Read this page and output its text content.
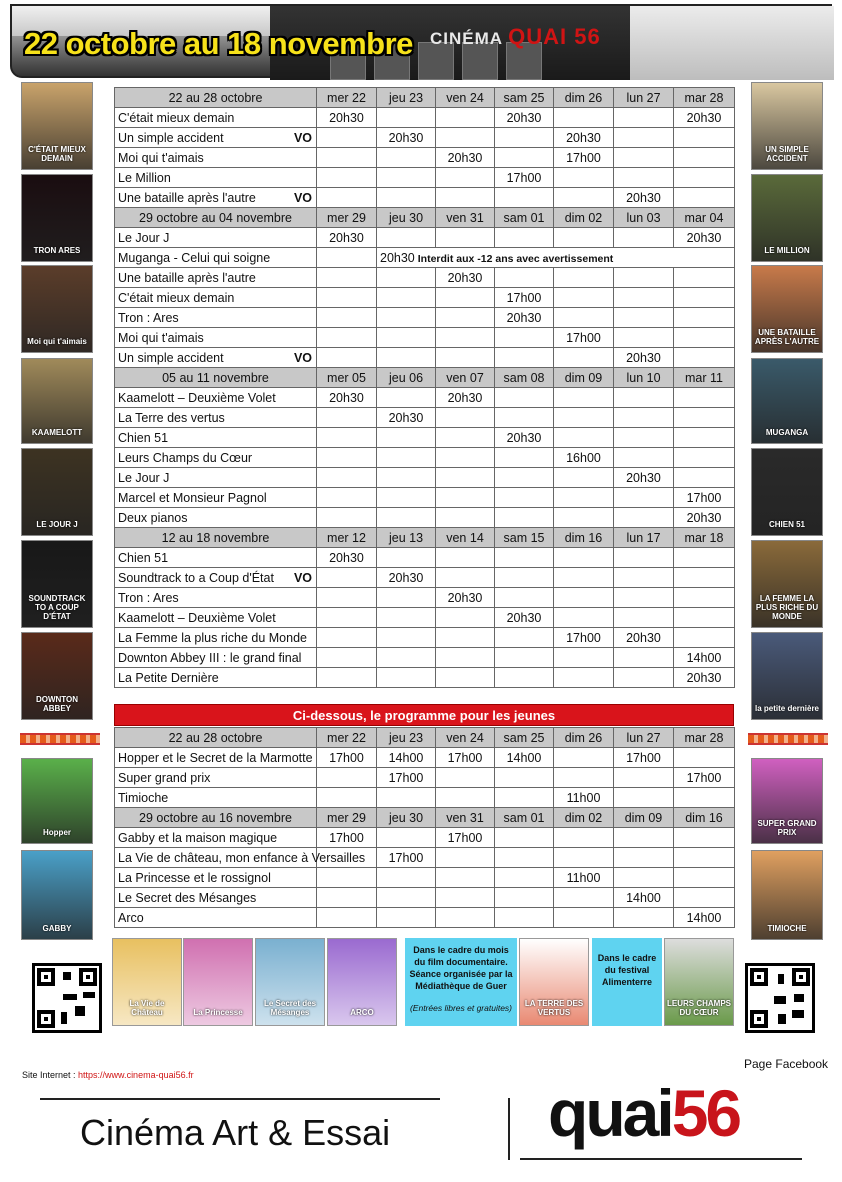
22 octobre au 18 novembre CINÉMA QUAI 56
22 au 28 octobre	mer 22	jeu 23	ven 24	sam 25	dim 26	lun 27	mar 28
C'était mieux demain	20h30			20h30			20h30
Un simple accident VO		20h30			20h30		
Moi qui t'aimais			20h30		17h00		
Le Million				17h00			
Une bataille après l'autre VO						20h30	
29 octobre au 04 novembre	mer 29	jeu 30	ven 31	sam 01	dim 02	lun 03	mar 04
Le Jour J	20h30						20h30
Muganga - Celui qui soigne		20h30 Interdit aux -12 ans avec avertissement					
Une bataille après l'autre			20h30				
C'était mieux demain				17h00			
Tron : Ares				20h30			
Moi qui t'aimais					17h00		
Un simple accident VO						20h30	
05 au 11 novembre	mer 05	jeu 06	ven 07	sam 08	dim 09	lun 10	mar 11
Kaamelott – Deuxième Volet	20h30		20h30				
La Terre des vertus		20h30					
Chien 51				20h30			
Leurs Champs du Cœur					16h00		
Le Jour J						20h30	
Marcel et Monsieur Pagnol							17h00
Deux pianos							20h30
12 au 18 novembre	mer 12	jeu 13	ven 14	sam 15	dim 16	lun 17	mar 18
Chien 51	20h30						
Soundtrack to a Coup d'État VO		20h30					
Tron : Ares			20h30				
Kaamelott – Deuxième Volet				20h30			
La Femme la plus riche du Monde					17h00	20h30	
Downton Abbey III : le grand final							14h00
La Petite Dernière							20h30
Ci-dessous, le programme pour les jeunes
22 au 28 octobre	mer 22	jeu 23	ven 24	sam 25	dim 26	lun 27	mar 28
Hopper et le Secret de la Marmotte	17h00	14h00	17h00	14h00		17h00	
Super grand prix		17h00					17h00
Timioche					11h00		
29 octobre au 16 novembre	mer 29	jeu 30	ven 31	sam 01	dim 02	dim 09	dim 16
Gabby et la maison magique	17h00		17h00				
La Vie de château, mon enfance à Versailles		17h00					
La Princesse et le rossignol					11h00		
Le Secret des Mésanges						14h00	
Arco							14h00
C'ÉTAIT MIEUX DEMAIN
TRON ARES
Moi qui t'aimais
KAAMELOTT
LE JOUR J
SOUNDTRACK TO A COUP D'ÉTAT
DOWNTON ABBEY
Hopper
GABBY
UN SIMPLE ACCIDENT
LE MILLION
UNE BATAILLE APRÈS L'AUTRE
MUGANGA
CHIEN 51
LA FEMME LA PLUS RICHE DU MONDE
la petite dernière
SUPER GRAND PRIX
TIMIOCHE
La Vie de Château	La Princesse
Le Secret des Mésanges	ARCO
Dans le cadre du mois du film documentaire. Séance organisée par la Médiathèque de Guer
(Entrées libres et gratuites)	LA TERRE DES VERTUS
Dans le cadre du festival Alimenterre
LEURS CHAMPS DU CŒUR
Site Internet : https://www.cinema-quai56.fr
Page Facebook
Cinéma Art & Essai quai56
